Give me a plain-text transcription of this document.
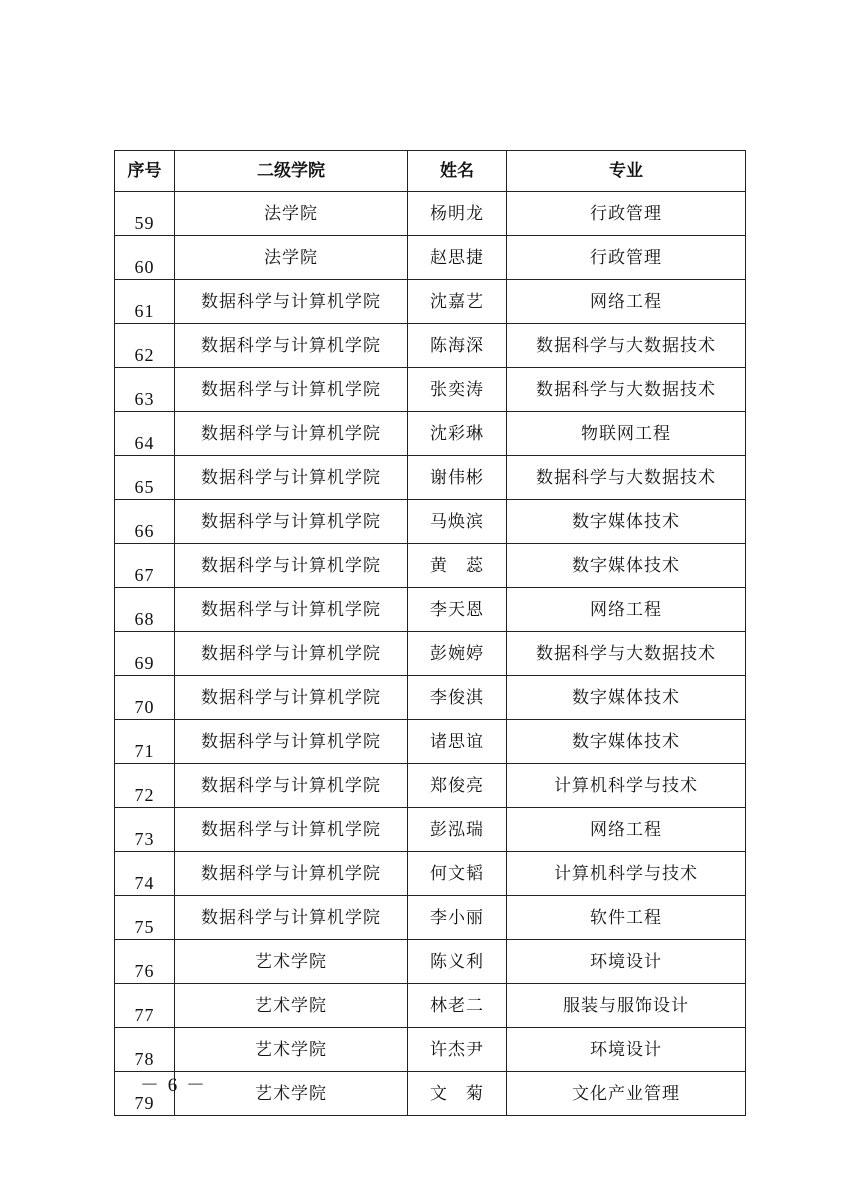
序号	二级学院	姓名	专业
59	法学院	杨明龙	行政管理
60	法学院	赵思捷	行政管理
61	数据科学与计算机学院	沈嘉艺	网络工程
62	数据科学与计算机学院	陈海深	数据科学与大数据技术
63	数据科学与计算机学院	张奕涛	数据科学与大数据技术
64	数据科学与计算机学院	沈彩琳	物联网工程
65	数据科学与计算机学院	谢伟彬	数据科学与大数据技术
66	数据科学与计算机学院	马焕滨	数字媒体技术
67	数据科学与计算机学院	黄　蕊	数字媒体技术
68	数据科学与计算机学院	李天恩	网络工程
69	数据科学与计算机学院	彭婉婷	数据科学与大数据技术
70	数据科学与计算机学院	李俊淇	数字媒体技术
71	数据科学与计算机学院	诸思谊	数字媒体技术
72	数据科学与计算机学院	郑俊亮	计算机科学与技术
73	数据科学与计算机学院	彭泓瑞	网络工程
74	数据科学与计算机学院	何文韬	计算机科学与技术
75	数据科学与计算机学院	李小丽	软件工程
76	艺术学院	陈义利	环境设计
77	艺术学院	林老二	服装与服饰设计
78	艺术学院	许杰尹	环境设计
79	艺术学院	文　菊	文化产业管理
－ 6 －
